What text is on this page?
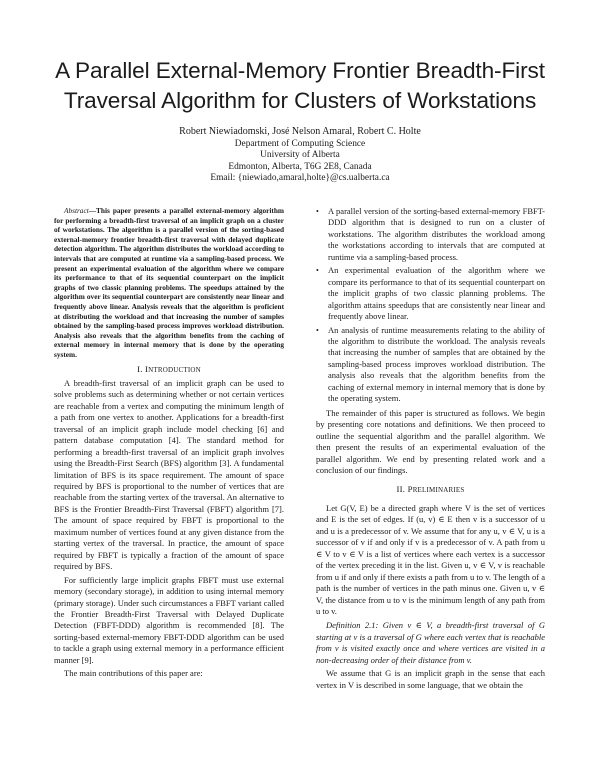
A Parallel External-Memory Frontier Breadth-First
Traversal Algorithm for Clusters of Workstations
Robert Niewiadomski, José Nelson Amaral, Robert C. Holte
Department of Computing Science
University of Alberta
Edmonton, Alberta, T6G 2E8, Canada
Email: {niewiado,amaral,holte}@cs.ualberta.ca
Abstract—This paper presents a parallel external-memory algorithm for performing a breadth-first traversal of an implicit graph on a cluster of workstations. The algorithm is a parallel version of the sorting-based external-memory frontier breadth-first traversal with delayed duplicate detection algorithm. The algorithm distributes the workload according to intervals that are computed at runtime via a sampling-based process. We present an experimental evaluation of the algorithm where we compare its performance to that of its sequential counterpart on the implicit graphs of two classic planning problems. The speedups attained by the algorithm over its sequential counterpart are consistently near linear and frequently above linear. Analysis reveals that the algorithm is proficient at distributing the workload and that increasing the number of samples obtained by the sampling-based process improves workload distribution. Analysis also reveals that the algorithm benefits from the caching of external memory in internal memory that is done by the operating system.
I. INTRODUCTION

A breadth-first traversal of an implicit graph can be used to solve problems such as determining whether or not certain vertices are reachable from a vertex and computing the minimum length of a path from one vertex to another. Applications for a breadth-first traversal of an implicit graph include model checking [6] and pattern database computation [4]. The standard method for performing a breadth-first traversal of an implicit graph involves using the Breadth-First Search (BFS) algorithm [3]. A fundamental limitation of BFS is its space requirement. The amount of space required by BFS is proportional to the number of vertices that are reachable from the starting vertex of the traversal. An alternative to BFS is the Frontier Breadth-First Traversal (FBFT) algorithm [7]. The amount of space required by FBFT is proportional to the maximum number of vertices found at any given distance from the starting vertex of the traversal. In practice, the amount of space required by FBFT is typically a fraction of the amount of space required by BFS.

For sufficiently large implicit graphs FBFT must use external memory (secondary storage), in addition to using internal memory (primary storage). Under such circumstances a FBFT variant called the Frontier Breadth-First Traversal with Delayed Duplicate Detection (FBFT-DDD) algorithm is recommended [8]. The sorting-based external-memory FBFT-DDD algorithm can be used to tackle a graph using external memory in a performance efficient manner [9].

The main contributions of this paper are:

• A parallel version of the sorting-based external-memory FBFT-DDD algorithm that is designed to run on a cluster of workstations. The algorithm distributes the workload among the workstations according to intervals that are computed at runtime via a sampling-based process.
• An experimental evaluation of the algorithm where we compare its performance to that of its sequential counterpart on the implicit graphs of two classic planning problems. The algorithm attains speedups that are consistently near linear and frequently above linear.
• An analysis of runtime measurements relating to the ability of the algorithm to distribute the workload. The analysis reveals that increasing the number of samples that are obtained by the sampling-based process improves workload distribution. The analysis also reveals that the algorithm benefits from the caching of external memory in internal memory that is done by the operating system.

The remainder of this paper is structured as follows. We begin by presenting core notations and definitions. We then proceed to outline the sequential algorithm and the parallel algorithm. We then present the results of an experimental evaluation of the parallel algorithm. We end by presenting related work and a conclusion of our findings.

II. PRELIMINARIES

Let G(V, E) be a directed graph where V is the set of vertices and E is the set of edges. If (u, v) ∈ E then v is a successor of u and u is a predecessor of v. We assume that for any u, v ∈ V, u is a successor of v if and only if v is a predecessor of v. A path from u ∈ V to v ∈ V is a list of vertices where each vertex is a successor of the vertex preceding it in the list. Given u, v ∈ V, v is reachable from u if and only if there exists a path from u to v. The length of a path is the number of vertices in the path minus one. Given u, v ∈ V, the distance from u to v is the minimum length of any path from u to v.

Definition 2.1: Given v ∈ V, a breadth-first traversal of G starting at v is a traversal of G where each vertex that is reachable from v is visited exactly once and where vertices are visited in a non-decreasing order of their distance from v.

We assume that G is an implicit graph in the sense that each vertex in V is described in some language, that we obtain the
